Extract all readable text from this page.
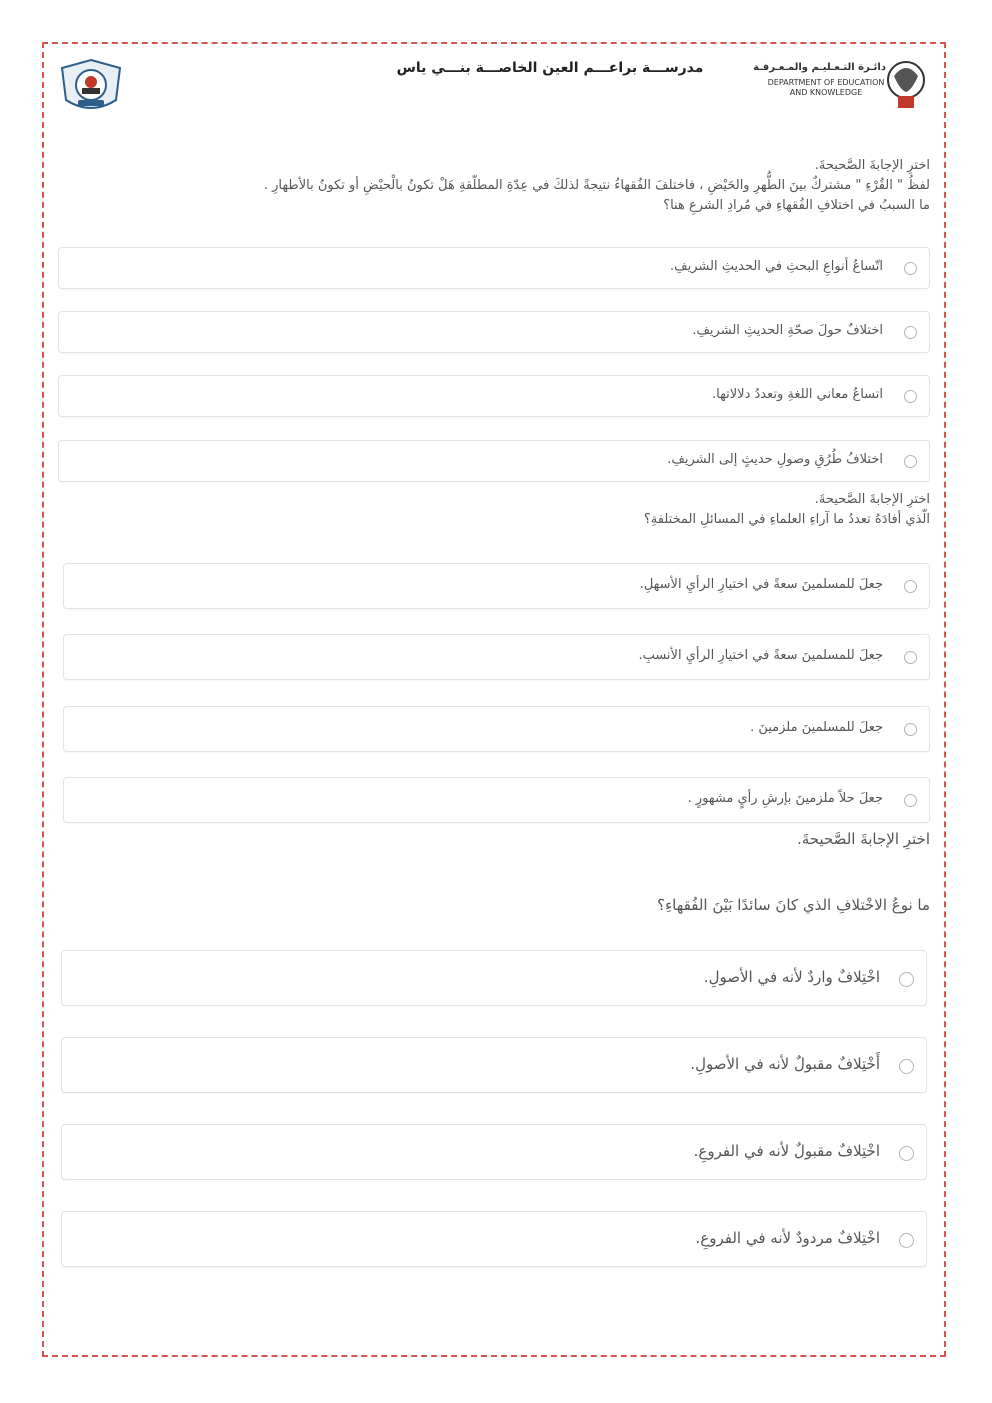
مدرســـة براعـــم العين الخاصـــة بنـــي ياس	دائـرة التـعـليـم والمـعـرفـة
DEPARTMENT OF EDUCATION
AND KNOWLEDGE
اخترِ الإجابةَ الصَّحيحةَ.
لفظُ " القُرْءِ " مشتركٌ بينَ الطُّهرِ والحَيْضِ ، فاختلفَ الفُقهاءُ نتيجةً لذلكَ في عِدّةِ المطلّقةِ هَلْ تكونُ بالْحيْضِ أو تكونُ بالأطهارِ .
ما السببُ في اختلافِ الفُقهاءِ في مُرادِ الشرعِ هنا؟
اتّساعُ أنواعِ البحثِ في الحديثِ الشريفِ.
اختلافٌ حولَ صحّةِ الحديثِ الشريفِ.
اتساعُ معاني اللغةِ وتعددُ دلالاتها.
اختلافُ طُرُقِ وصولِ حديثٍ إلى الشريفِ.
اخترِ الإجابةَ الصَّحيحةَ.
الّذي أفادَهُ تعددُ ما آراءِ العلماءِ في المسائلِ المختلفةِ؟
جعلَ للمسلمينَ سعةً في اختيارِ الرأيِ الأسهلِ.
جعلَ للمسلمينَ سعةً في اختيارِ الرأيِ الأنسبِ.
جعلَ للمسلمينَ ملزمينَ .
جعلَ حلاً ملزمينَ بإرشِ رأيٍ مشهورٍ .
اخترِ الإجابةَ الصَّحيحةَ.
ما نوعُ الاخْتلافِ الذي كانَ سائدًا بَيْنَ الفُقهاءِ؟
اخْتِلافٌ واردٌ لأنه في الأصولِ.
أَخْتِلافٌ مقبولٌ لأنه في الأصولِ.
اخْتِلافٌ مقبولٌ لأنه في الفروعِ.
اخْتِلافٌ مردودٌ لأنه في الفروعِ.
